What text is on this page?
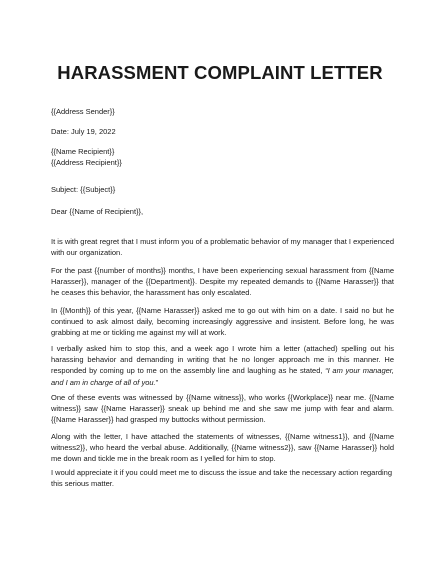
HARASSMENT COMPLAINT LETTER
{{Address Sender}}
Date: July 19, 2022

{{Name Recipient}}

{{Address Recipient}}

Subject: {{Subject}}
Dear {{Name of Recipient}},
It is with great regret that I must inform you of a problematic behavior of my manager that I experienced with our organization.
For the past {{number of months}} months, I have been experiencing sexual harassment from {{Name Harasser}}, manager of the {{Department}}. Despite my repeated demands to {{Name Harasser}} that he ceases this behavior, the harassment has only escalated.
In {{Month}} of this year, {{Name Harasser}} asked me to go out with him on a date. I said no but he continued to ask almost daily, becoming increasingly aggressive and insistent. Before long, he was grabbing at me or tickling me against my will at work.
I verbally asked him to stop this, and a week ago I wrote him a letter (attached) spelling out his harassing behavior and demanding in writing that he no longer approach me in this manner. He responded by coming up to me on the assembly line and laughing as he stated, “I am your manager, and I am in charge of all of you.”
One of these events was witnessed by {{Name witness}}, who works {{Workplace}} near me. {{Name witness}} saw {{Name Harasser}} sneak up behind me and she saw me jump with fear and alarm. {{Name Harasser}} had grasped my buttocks without permission.
Along with the letter, I have attached the statements of witnesses, {{Name witness1}}, and {{Name witness2}}, who heard the verbal abuse. Additionally, {{Name witness2}}, saw {{Name Harasser}} hold me down and tickle me in the break room as I yelled for him to stop.
I would appreciate it if you could meet me to discuss the issue and take the necessary action regarding this serious matter.
